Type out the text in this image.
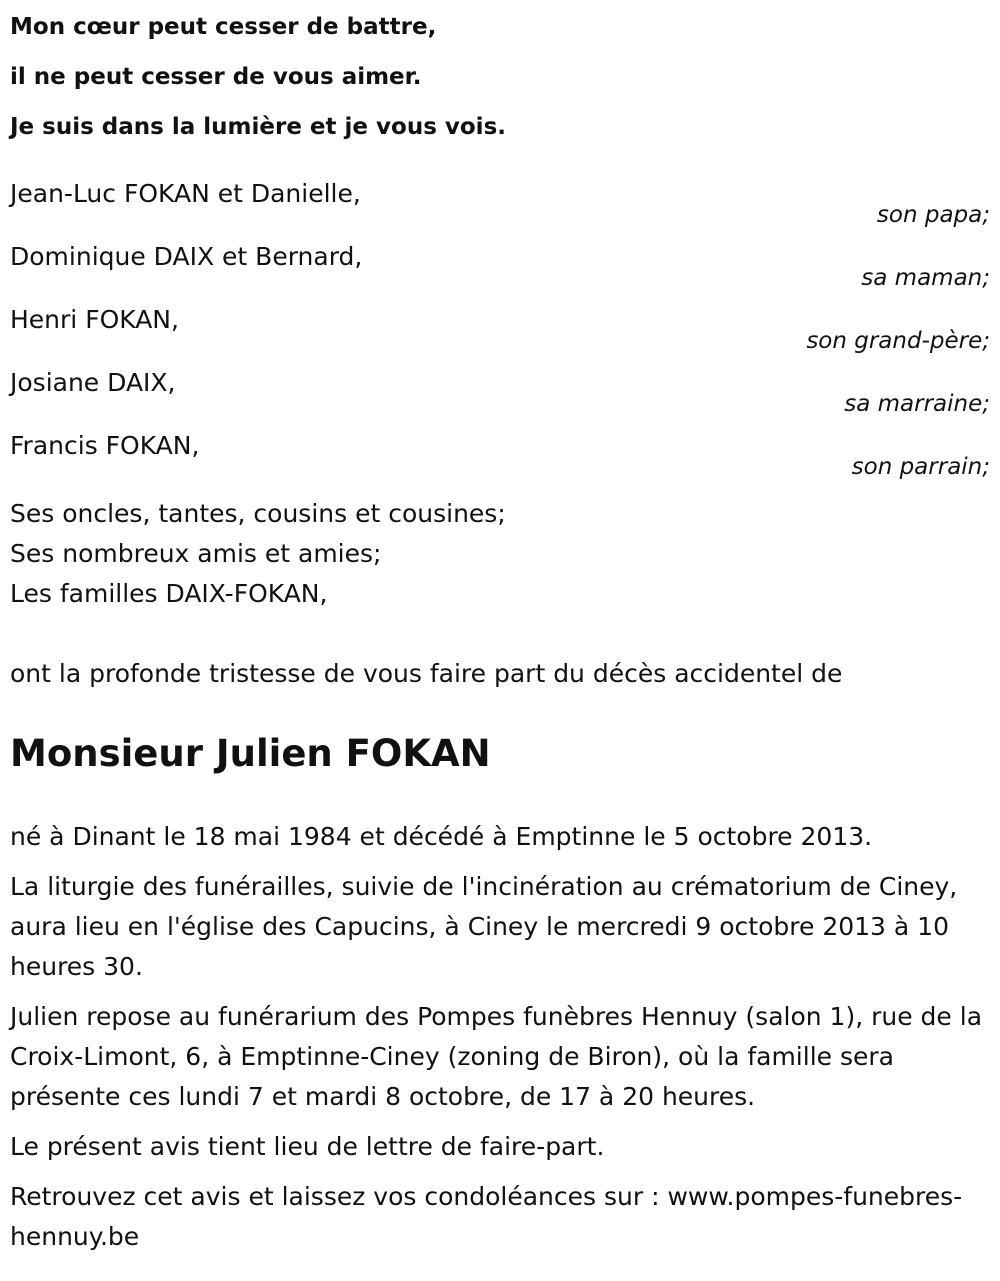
Mon cœur peut cesser de battre,

il ne peut cesser de vous aimer.

Je suis dans la lumière et je vous vois.

Jean-Luc FOKAN et Danielle,
son papa;
Dominique DAIX et Bernard,
sa maman;
Henri FOKAN,
son grand-père;
Josiane DAIX,
sa marraine;
Francis FOKAN,
son parrain;
Ses oncles, tantes, cousins et cousines;
Ses nombreux amis et amies;
Les familles DAIX-FOKAN,
ont la profonde tristesse de vous faire part du décès accidentel de
Monsieur Julien FOKAN

né à Dinant le 18 mai 1984 et décédé à Emptinne le 5 octobre 2013.

La liturgie des funérailles, suivie de l'incinération au crématorium de Ciney, aura lieu en l'église des Capucins, à Ciney le mercredi 9 octobre 2013 à 10 heures 30.

Julien repose au funérarium des Pompes funèbres Hennuy (salon 1), rue de la Croix-Limont, 6, à Emptinne-Ciney (zoning de Biron), où la famille sera présente ces lundi 7 et mardi 8 octobre, de 17 à 20 heures.

Le présent avis tient lieu de lettre de faire-part.

Retrouvez cet avis et laissez vos condoléances sur : www.pompes-funebres-hennuy.be
